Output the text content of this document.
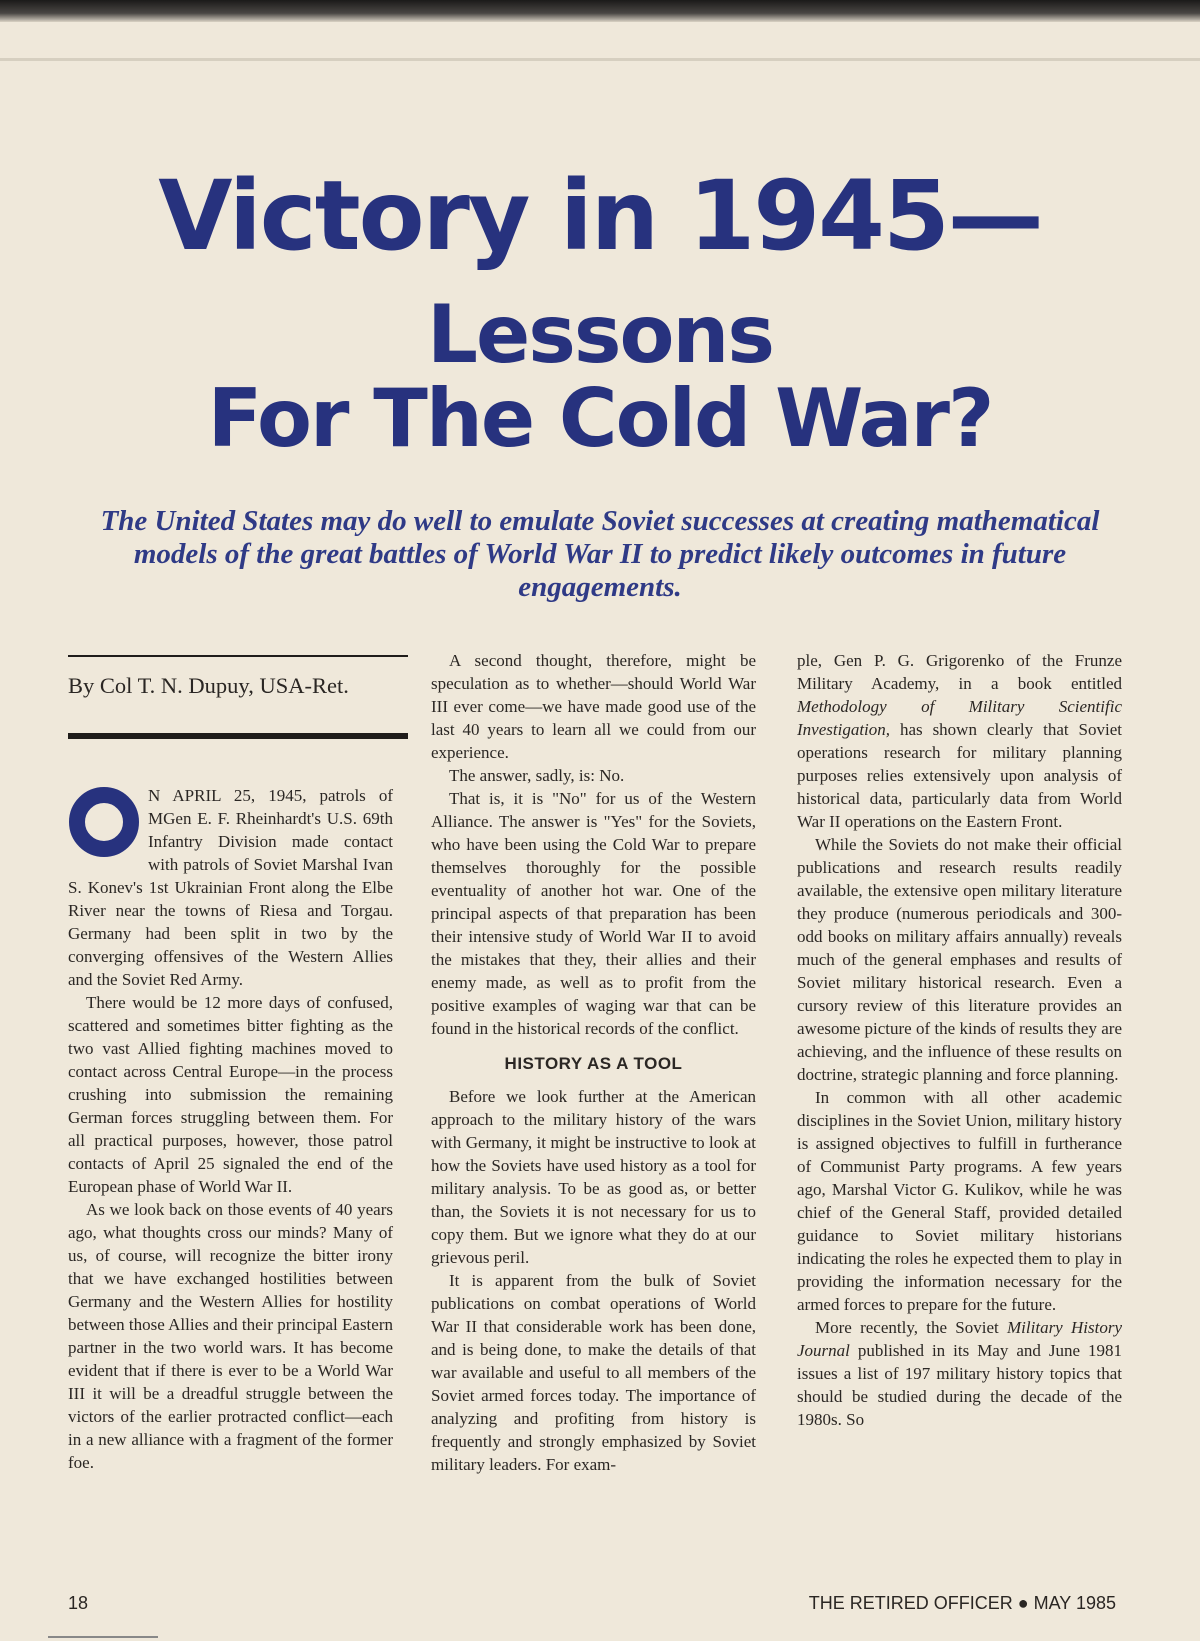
Victory in 1945—
Lessons
For The Cold War?

The United States may do well to emulate Soviet successes at creating mathematical models of the great battles of World War II to predict likely outcomes in future engagements.

By Col T. N. Dupuy, USA-Ret.

O
N APRIL 25, 1945, patrols of MGen E. F. Rheinhardt's U.S. 69th Infantry Division made contact with patrols of Soviet Marshal Ivan S. Konev's 1st Ukrainian Front along the Elbe River near the towns of Riesa and Torgau. Germany had been split in two by the converging offensives of the Western Allies and the Soviet Red Army.

There would be 12 more days of confused, scattered and sometimes bitter fighting as the two vast Allied fighting machines moved to contact across Central Europe—in the process crushing into submission the remaining German forces struggling between them. For all practical purposes, however, those patrol contacts of April 25 signaled the end of the European phase of World War II.

As we look back on those events of 40 years ago, what thoughts cross our minds? Many of us, of course, will recognize the bitter irony that we have exchanged hostilities between Germany and the Western Allies for hostility between those Allies and their principal Eastern partner in the two world wars. It has become evident that if there is ever to be a World War III it will be a dreadful struggle between the victors of the earlier protracted conflict—each in a new alliance with a fragment of the former foe.

A second thought, therefore, might be speculation as to whether—should World War III ever come—we have made good use of the last 40 years to learn all we could from our experience.

The answer, sadly, is: No.

That is, it is "No" for us of the Western Alliance. The answer is "Yes" for the Soviets, who have been using the Cold War to prepare themselves thoroughly for the possible eventuality of another hot war. One of the principal aspects of that preparation has been their intensive study of World War II to avoid the mistakes that they, their allies and their enemy made, as well as to profit from the positive examples of waging war that can be found in the historical records of the conflict.

HISTORY AS A TOOL

Before we look further at the American approach to the military history of the wars with Germany, it might be instructive to look at how the Soviets have used history as a tool for military analysis. To be as good as, or better than, the Soviets it is not necessary for us to copy them. But we ignore what they do at our grievous peril.

It is apparent from the bulk of Soviet publications on combat operations of World War II that considerable work has been done, and is being done, to make the details of that war available and useful to all members of the Soviet armed forces today. The importance of analyzing and profiting from history is frequently and strongly emphasized by Soviet military leaders. For exam-

ple, Gen P. G. Grigorenko of the Frunze Military Academy, in a book entitled Methodology of Military Scientific Investigation, has shown clearly that Soviet operations research for military planning purposes relies extensively upon analysis of historical data, particularly data from World War II operations on the Eastern Front.

While the Soviets do not make their official publications and research results readily available, the extensive open military literature they produce (numerous periodicals and 300-odd books on military affairs annually) reveals much of the general emphases and results of Soviet military historical research. Even a cursory review of this literature provides an awesome picture of the kinds of results they are achieving, and the influence of these results on doctrine, strategic planning and force planning.

In common with all other academic disciplines in the Soviet Union, military history is assigned objectives to fulfill in furtherance of Communist Party programs. A few years ago, Marshal Victor G. Kulikov, while he was chief of the General Staff, provided detailed guidance to Soviet military historians indicating the roles he expected them to play in providing the information necessary for the armed forces to prepare for the future.

More recently, the Soviet Military History Journal published in its May and June 1981 issues a list of 197 military history topics that should be studied during the decade of the 1980s. So

18	THE RETIRED OFFICER ● MAY 1985
